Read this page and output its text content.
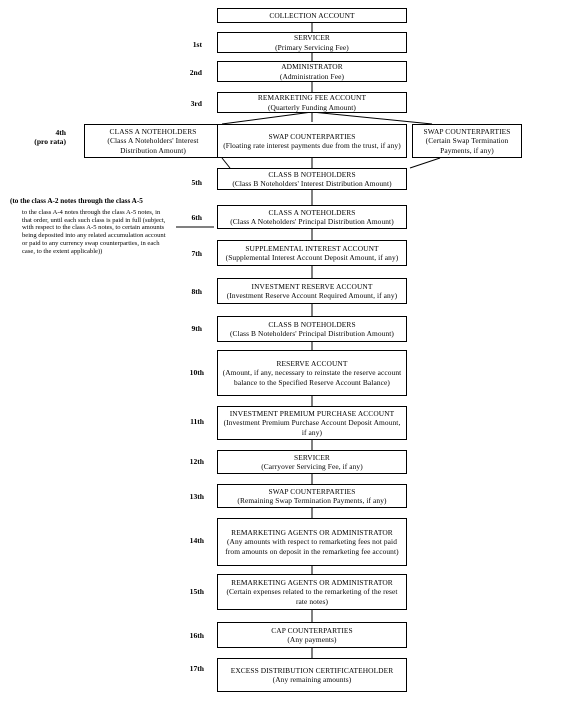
COLLECTION ACCOUNT
1st
SERVICER
(Primary Servicing Fee)
2nd
ADMINISTRATOR
(Administration Fee)
3rd
REMARKETING FEE ACCOUNT
(Quarterly Funding Amount)
4th
(pro rata)
CLASS A NOTEHOLDERS
(Class A Noteholders' Interest Distribution Amount)
SWAP COUNTERPARTIES
(Floating rate interest payments due from the trust, if any)
SWAP COUNTERPARTIES
(Certain Swap Termination Payments, if any)
5th
CLASS B NOTEHOLDERS
(Class B Noteholders' Interest Distribution Amount)
(to the class A-2 notes through the class A-5
to the class A-4 notes through the class A-5 notes, in that order, until each such class is paid in full (subject, with respect to the class A-5 notes, to certain amounts being deposited into any related accumulation account or paid to any currency swap counterparties, in each case, to the extent applicable))
6th
CLASS A NOTEHOLDERS
(Class A Noteholders' Principal Distribution Amount)
7th
SUPPLEMENTAL INTEREST ACCOUNT
(Supplemental Interest Account Deposit Amount, if any)
8th
INVESTMENT RESERVE ACCOUNT
(Investment Reserve Account Required Amount, if any)
9th	CLASS B NOTEHOLDERS
(Class B Noteholders' Principal Distribution Amount)
10th
RESERVE ACCOUNT
(Amount, if any, necessary to reinstate the reserve account balance to the Specified Reserve Account Balance)
11th
INVESTMENT PREMIUM PURCHASE ACCOUNT
(Investment Premium Purchase Account Deposit Amount, if any)
12th	SERVICER
(Carryover Servicing Fee, if any)
13th
SWAP COUNTERPARTIES
(Remaining Swap Termination Payments, if any)
14th
REMARKETING AGENTS OR ADMINISTRATOR
(Any amounts with respect to remarketing fees not paid from amounts on deposit in the remarketing fee account)
15th
REMARKETING AGENTS OR ADMINISTRATOR
(Certain expenses related to the remarketing of the reset rate notes)
16th
CAP COUNTERPARTIES
(Any payments)
17th	EXCESS DISTRIBUTION CERTIFICATEHOLDER
(Any remaining amounts)
